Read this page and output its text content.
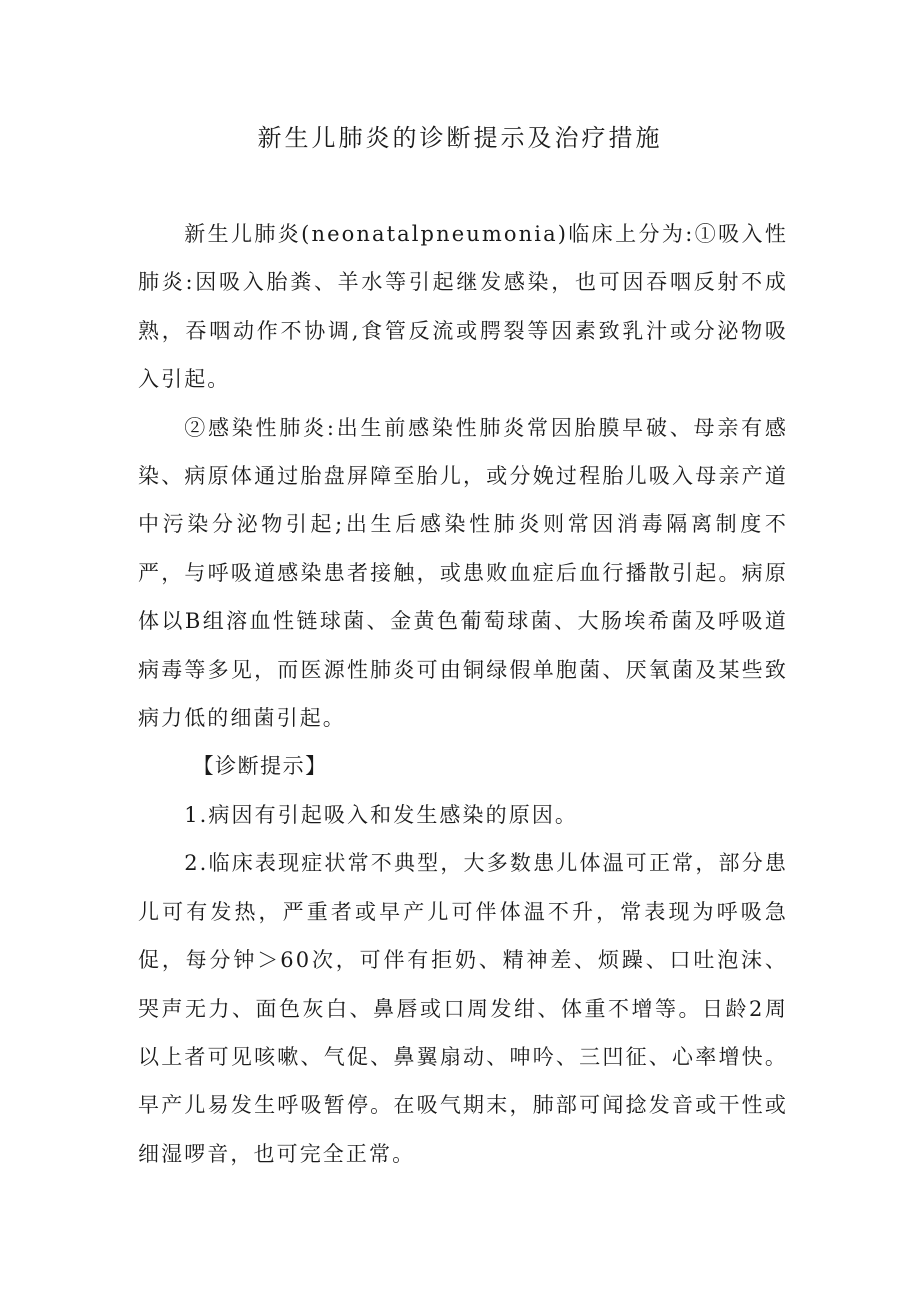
新生儿肺炎的诊断提示及治疗措施

新生儿肺炎(neonatalpneumonia)临床上分为:①吸入性肺炎:因吸入胎粪、羊水等引起继发感染，也可因吞咽反射不成熟，吞咽动作不协调,食管反流或腭裂等因素致乳汁或分泌物吸入引起。

②感染性肺炎:出生前感染性肺炎常因胎膜早破、母亲有感染、病原体通过胎盘屏障至胎儿，或分娩过程胎儿吸入母亲产道中污染分泌物引起;出生后感染性肺炎则常因消毒隔离制度不严，与呼吸道感染患者接触，或患败血症后血行播散引起。病原体以B组溶血性链球菌、金黄色葡萄球菌、大肠埃希菌及呼吸道病毒等多见，而医源性肺炎可由铜绿假单胞菌、厌氧菌及某些致病力低的细菌引起。

【诊断提示】

1.病因有引起吸入和发生感染的原因。

2.临床表现症状常不典型，大多数患儿体温可正常，部分患儿可有发热，严重者或早产儿可伴体温不升，常表现为呼吸急促，每分钟＞60次，可伴有拒奶、精神差、烦躁、口吐泡沫、哭声无力、面色灰白、鼻唇或口周发绀、体重不增等。日龄2周以上者可见咳嗽、气促、鼻翼扇动、呻吟、三凹征、心率增快。早产儿易发生呼吸暂停。在吸气期末，肺部可闻捻发音或干性或细湿啰音，也可完全正常。
